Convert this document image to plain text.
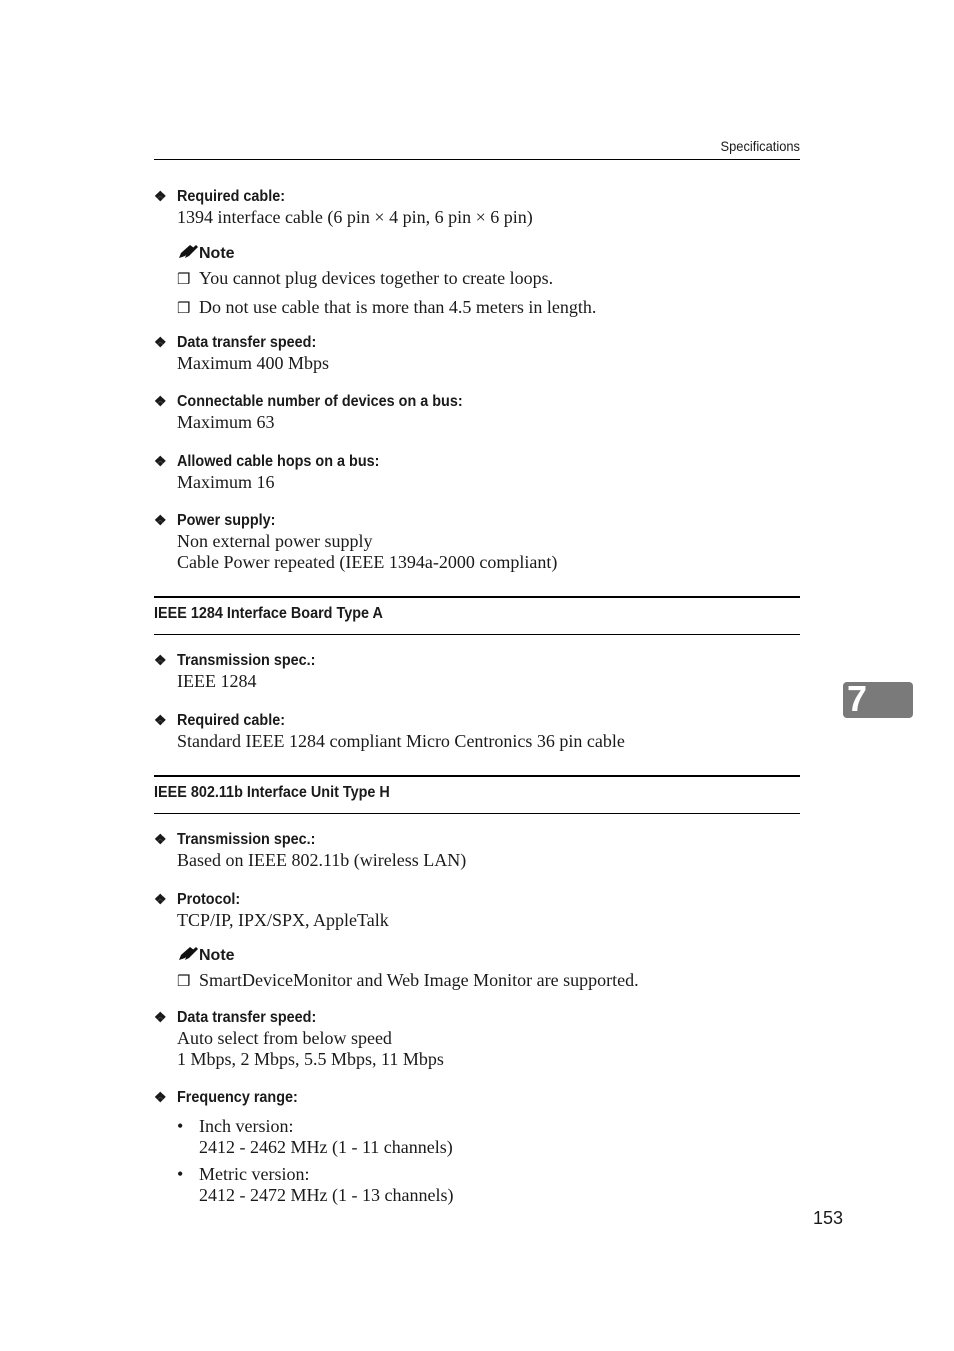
Specifications
❖ Required cable:
1394 interface cable (6 pin × 4 pin, 6 pin × 6 pin)
Note
❒ You cannot plug devices together to create loops.
❒ Do not use cable that is more than 4.5 meters in length.
❖ Data transfer speed:
Maximum 400 Mbps
❖ Connectable number of devices on a bus:
Maximum 63
❖ Allowed cable hops on a bus:
Maximum 16
❖ Power supply:
Non external power supply
Cable Power repeated (IEEE 1394a-2000 compliant)
IEEE 1284 Interface Board Type A
❖ Transmission spec.:
IEEE 1284
❖ Required cable:
Standard IEEE 1284 compliant Micro Centronics 36 pin cable
IEEE 802.11b Interface Unit Type H
❖ Transmission spec.:
Based on IEEE 802.11b (wireless LAN)
❖ Protocol:
TCP/IP, IPX/SPX, AppleTalk
Note
❒ SmartDeviceMonitor and Web Image Monitor are supported.
❖ Data transfer speed:
Auto select from below speed
1 Mbps, 2 Mbps, 5.5 Mbps, 11 Mbps
❖ Frequency range:
• Inch version:
2412 - 2462 MHz (1 - 11 channels)
• Metric version:
2412 - 2472 MHz (1 - 13 channels)
7
153
